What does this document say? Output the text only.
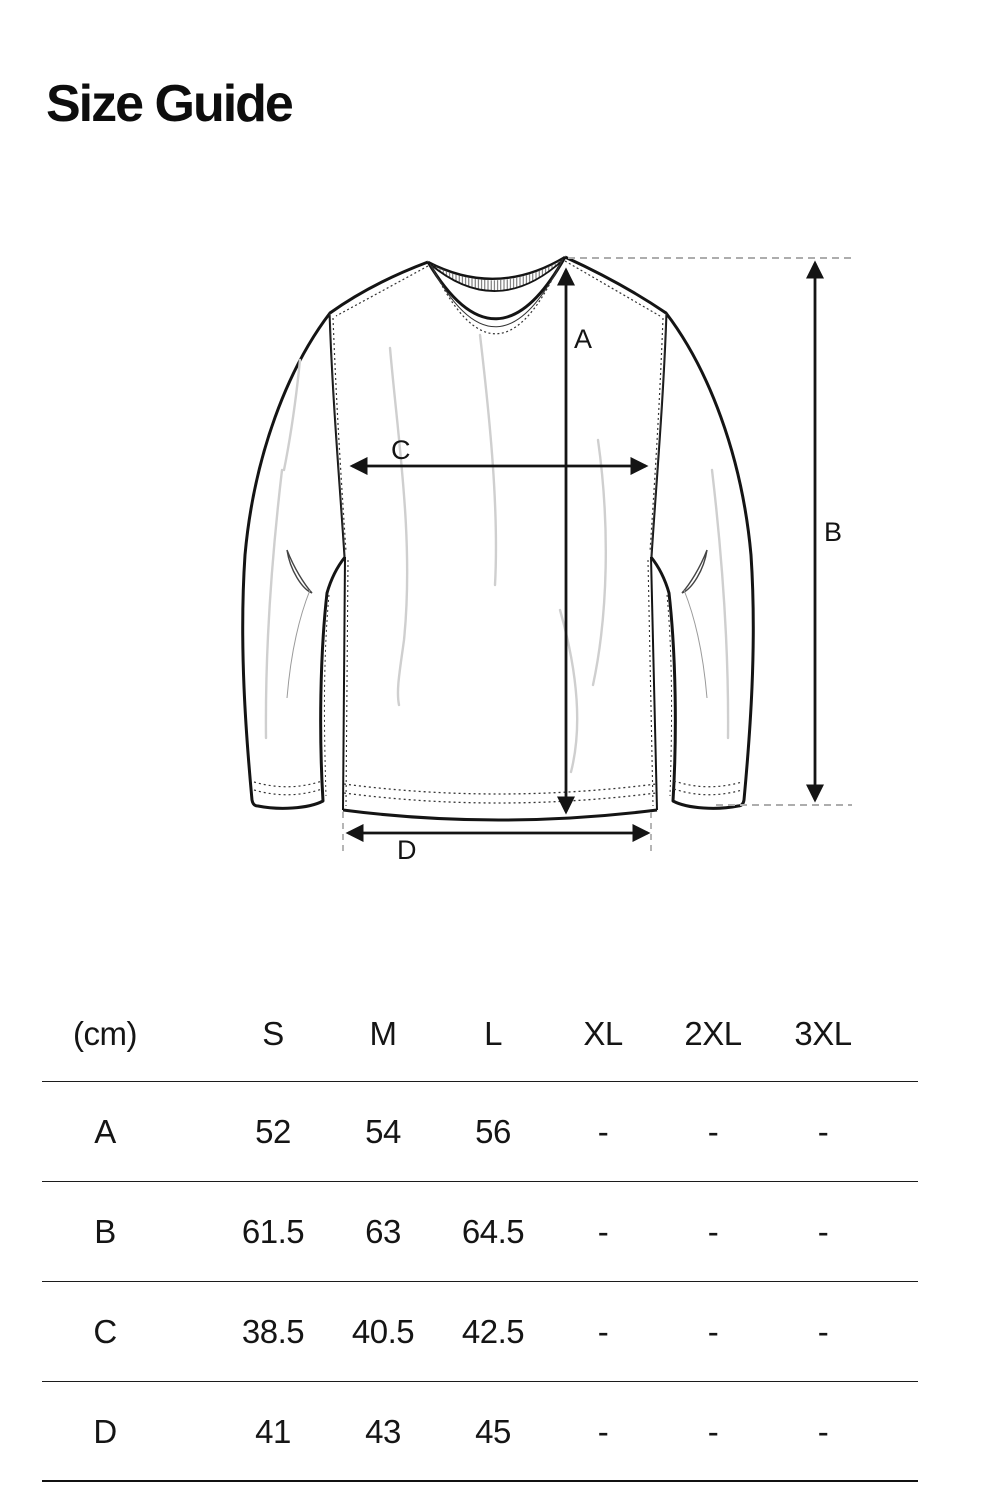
Size Guide
A
B
C
D
(cm)	S	M	L	XL	2XL	3XL
A	52	54	56	-	-	-
B	61.5	63	64.5	-	-	-
C	38.5	40.5	42.5	-	-	-
D	41	43	45	-	-	-
